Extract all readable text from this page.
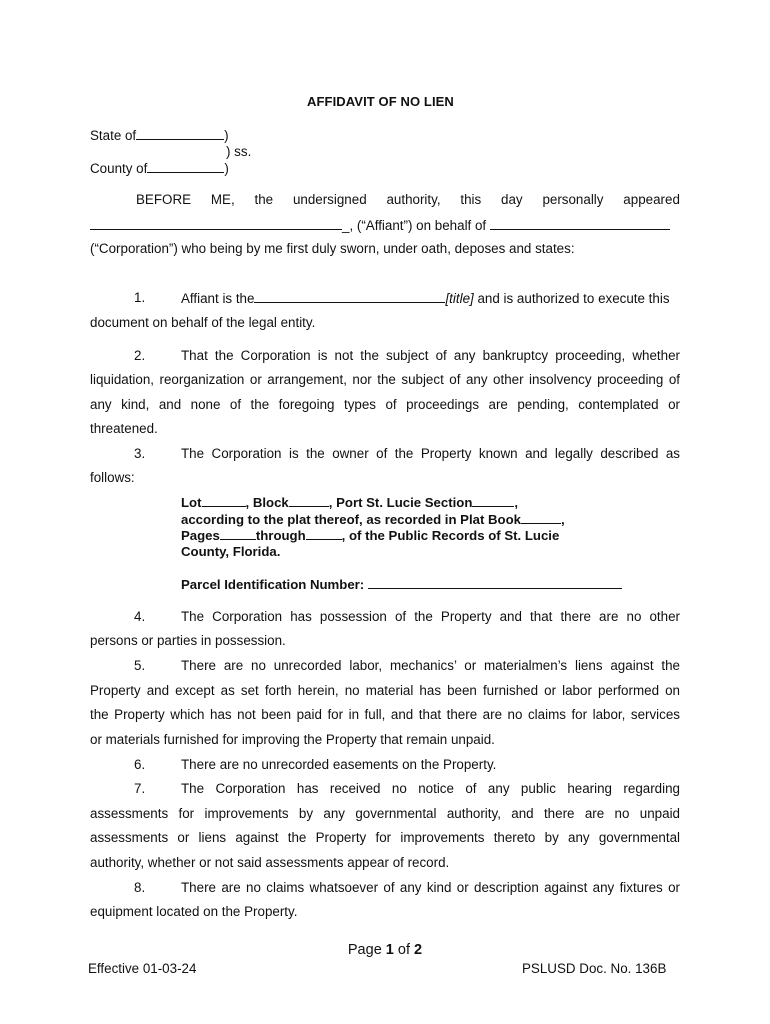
AFFIDAVIT OF NO LIEN
State of	)
) ss.
County of	)
BEFORE ME, the undersigned authority, this day personally appeared
_, (“Affiant”) on behalf of
(“Corporation”) who being by me first duly sworn, under oath, deposes and states:
1.	Affiant is the	[title] and is authorized to execute this
document on behalf of the legal entity.
2.	That the Corporation is not the subject of any bankruptcy proceeding, whether
liquidation, reorganization or arrangement, nor the subject of any other insolvency proceeding of
any kind, and none of the foregoing types of proceedings are pending, contemplated or
threatened.
3.	The Corporation is the owner of the Property known and legally described as
follows:
Lot	, Block	, Port St. Lucie Section	,
according to the plat thereof, as recorded in Plat Book	,
Pages	through	, of the Public Records of St. Lucie
County, Florida.
Parcel Identification Number:
4.	The Corporation has possession of the Property and that there are no other
persons or parties in possession.
5.	There are no unrecorded labor, mechanics’ or materialmen’s liens against the
Property and except as set forth herein, no material has been furnished or labor performed on
the Property which has not been paid for in full, and that there are no claims for labor, services
or materials furnished for improving the Property that remain unpaid.
6.	There are no unrecorded easements on the Property.
7.	The Corporation has received no notice of any public hearing regarding
assessments for improvements by any governmental authority, and there are no unpaid
assessments or liens against the Property for improvements thereto by any governmental
authority, whether or not said assessments appear of record.
8.	There are no claims whatsoever of any kind or description against any fixtures or
equipment located on the Property.
Page 1 of 2
Effective 01-03-24	PSLUSD Doc. No. 136B
